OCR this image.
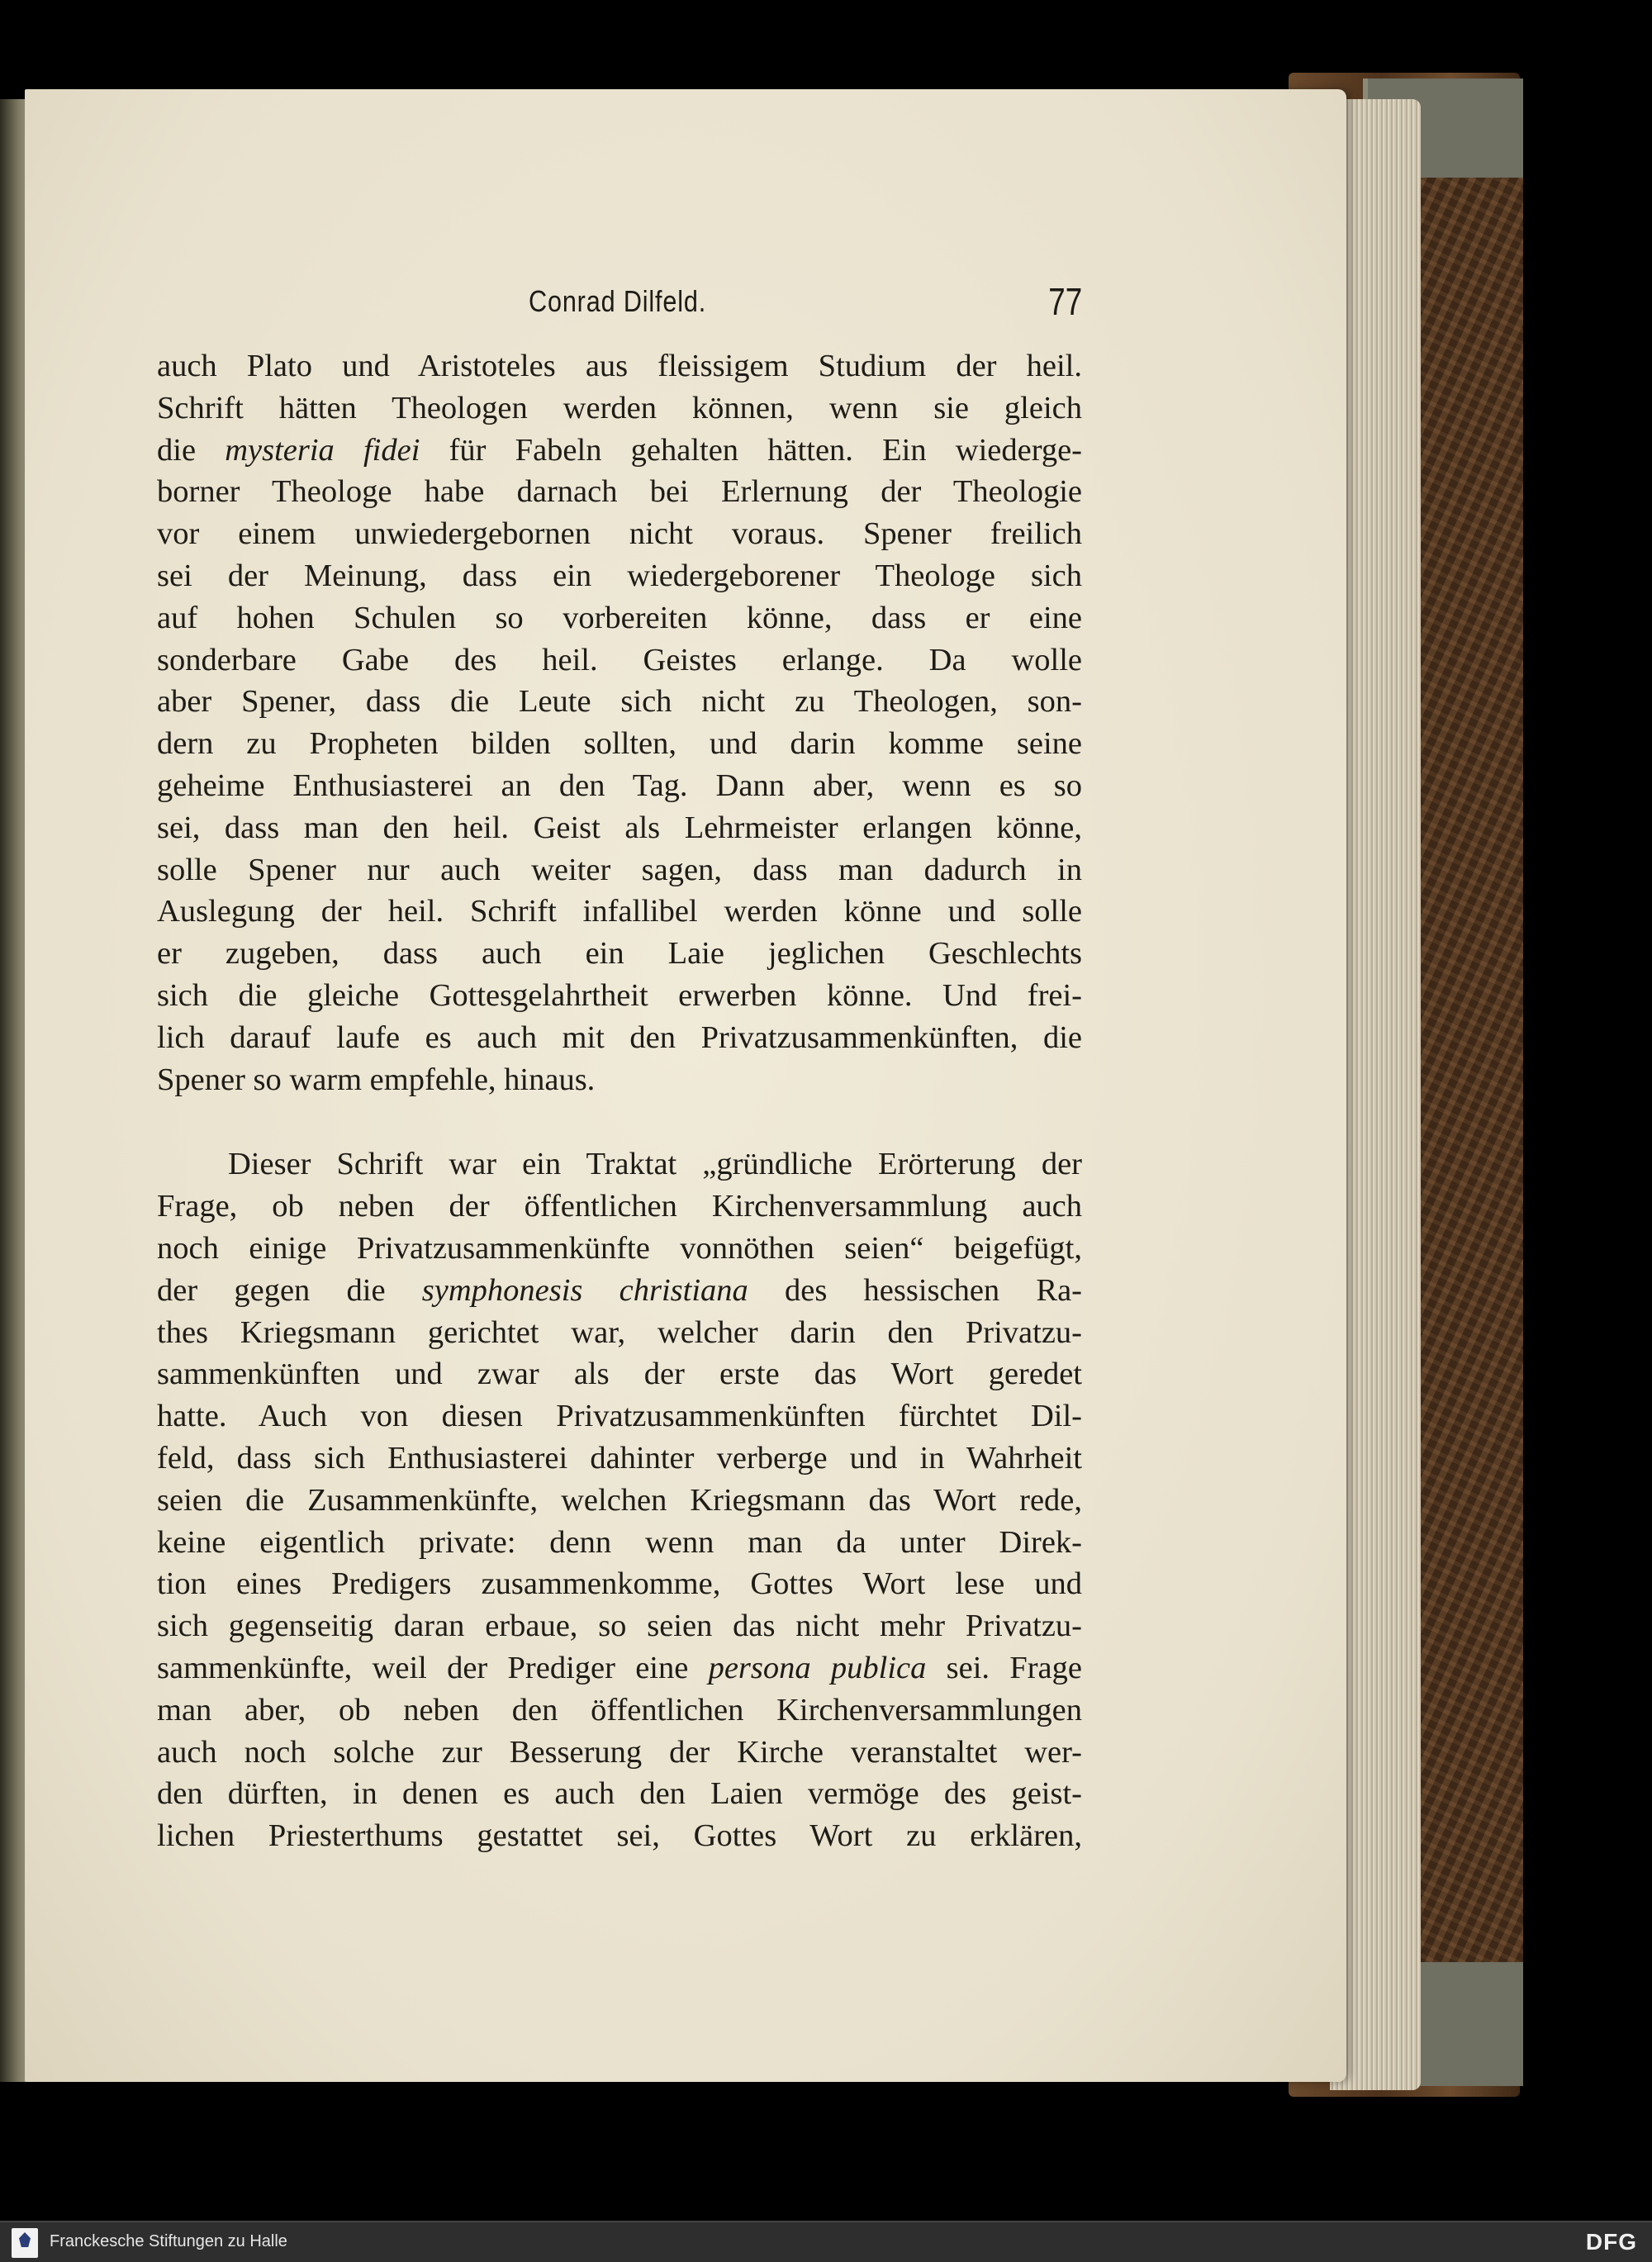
Conrad Dilfeld.	77
auch Plato und Aristoteles aus fleissigem Studium der heil.
Schrift hätten Theologen werden können, wenn sie gleich
die mysteria fidei für Fabeln gehalten hätten. Ein wiederge-
borner Theologe habe darnach bei Erlernung der Theologie
vor einem unwiedergebornen nicht voraus. Spener freilich
sei der Meinung, dass ein wiedergeborener Theologe sich
auf hohen Schulen so vorbereiten könne, dass er eine
sonderbare Gabe des heil. Geistes erlange. Da wolle
aber Spener, dass die Leute sich nicht zu Theologen, son-
dern zu Propheten bilden sollten, und darin komme seine
geheime Enthusiasterei an den Tag. Dann aber, wenn es so
sei, dass man den heil. Geist als Lehrmeister erlangen könne,
solle Spener nur auch weiter sagen, dass man dadurch in
Auslegung der heil. Schrift infallibel werden könne und solle
er zugeben, dass auch ein Laie jeglichen Geschlechts
sich die gleiche Gottesgelahrtheit erwerben könne. Und frei-
lich darauf laufe es auch mit den Privatzusammenkünften, die
Spener so warm empfehle, hinaus.
Dieser Schrift war ein Traktat „gründliche Erörterung der
Frage, ob neben der öffentlichen Kirchenversammlung auch
noch einige Privatzusammenkünfte vonnöthen seien“ beigefügt,
der gegen die symphonesis christiana des hessischen Ra-
thes Kriegsmann gerichtet war, welcher darin den Privatzu-
sammenkünften und zwar als der erste das Wort geredet
hatte. Auch von diesen Privatzusammenkünften fürchtet Dil-
feld, dass sich Enthusiasterei dahinter verberge und in Wahrheit
seien die Zusammenkünfte, welchen Kriegsmann das Wort rede,
keine eigentlich private: denn wenn man da unter Direk-
tion eines Predigers zusammenkomme, Gottes Wort lese und
sich gegenseitig daran erbaue, so seien das nicht mehr Privatzu-
sammenkünfte, weil der Prediger eine persona publica sei. Frage
man aber, ob neben den öffentlichen Kirchenversammlungen
auch noch solche zur Besserung der Kirche veranstaltet wer-
den dürften, in denen es auch den Laien vermöge des geist-
lichen Priesterthums gestattet sei, Gottes Wort zu erklären,
Franckesche Stiftungen zu Halle	DFG
